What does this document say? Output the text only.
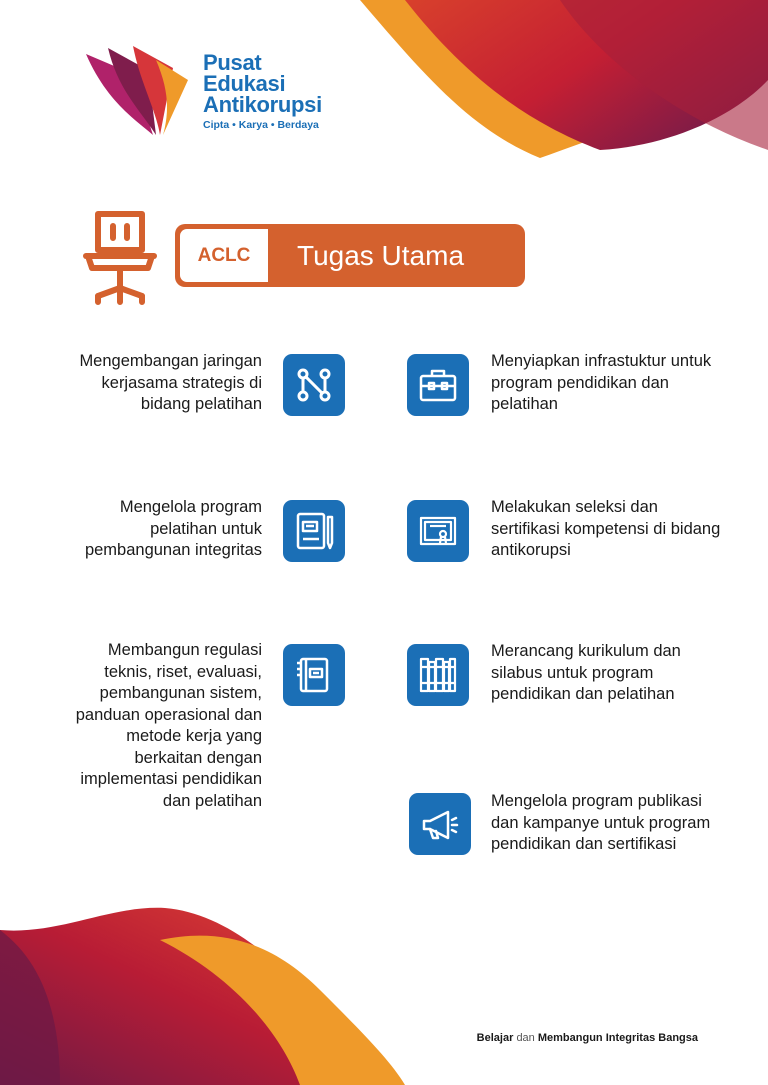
Pusat
Edukasi
Antikorupsi
Cipta • Karya • Berdaya
ACLC	Tugas Utama
Mengembangan jaringan kerjasama strategis di bidang pelatihan
Mengelola program pelatihan untuk pembangunan integritas
Membangun regulasi teknis, riset, evaluasi, pembangunan sistem, panduan operasional dan metode kerja yang berkaitan dengan implementasi pendidikan dan pelatihan
Menyiapkan infrastuktur untuk program pendidikan dan pelatihan
Melakukan seleksi dan sertifikasi kompetensi di bidang antikorupsi
Merancang kurikulum dan silabus untuk program pendidikan dan pelatihan
Mengelola program publikasi dan kampanye untuk program pendidikan dan sertifikasi
Belajar dan Membangun Integritas Bangsa
